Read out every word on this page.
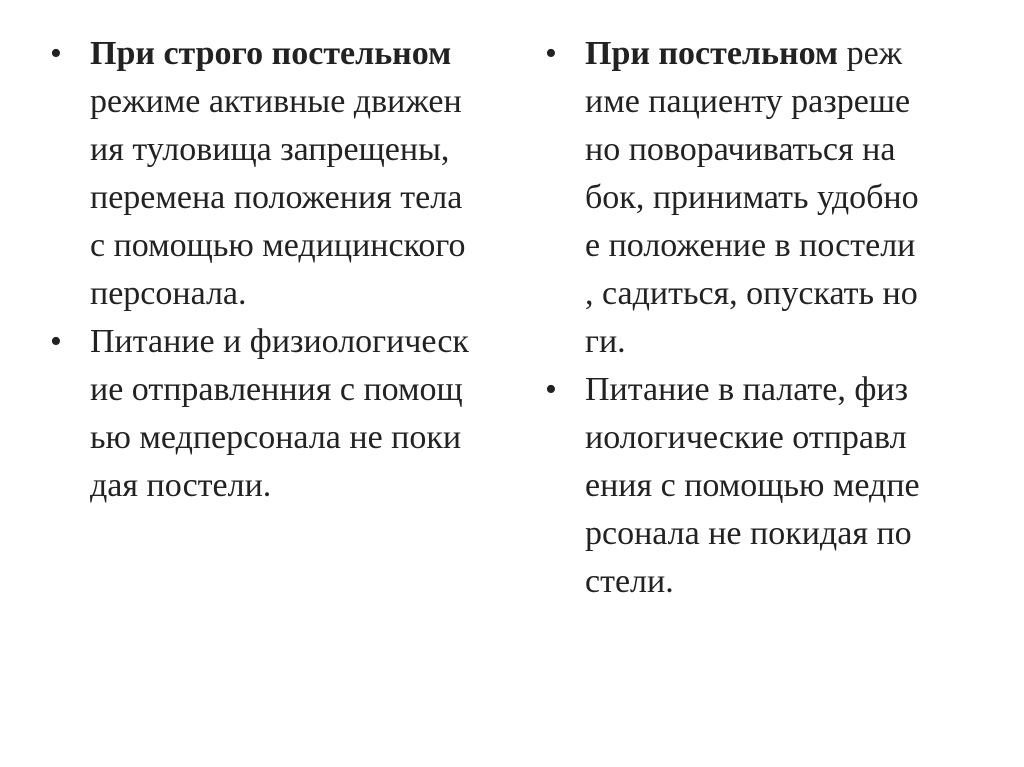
• При строго постельном
режиме активные движен
ия туловища запрещены,
перемена положения тела
с помощью медицинского
персонала.
• Питание и физиологическ
ие отправленния с помощ
ью медперсонала не поки
дая постели.
• При постельном реж
име пациенту разреше
но поворачиваться на
бок, принимать удобно
е положение в постели
, садиться, опускать но
ги.
• Питание в палате, физ
иологические отправл
ения с помощью медпе
рсонала не покидая по
стели.
